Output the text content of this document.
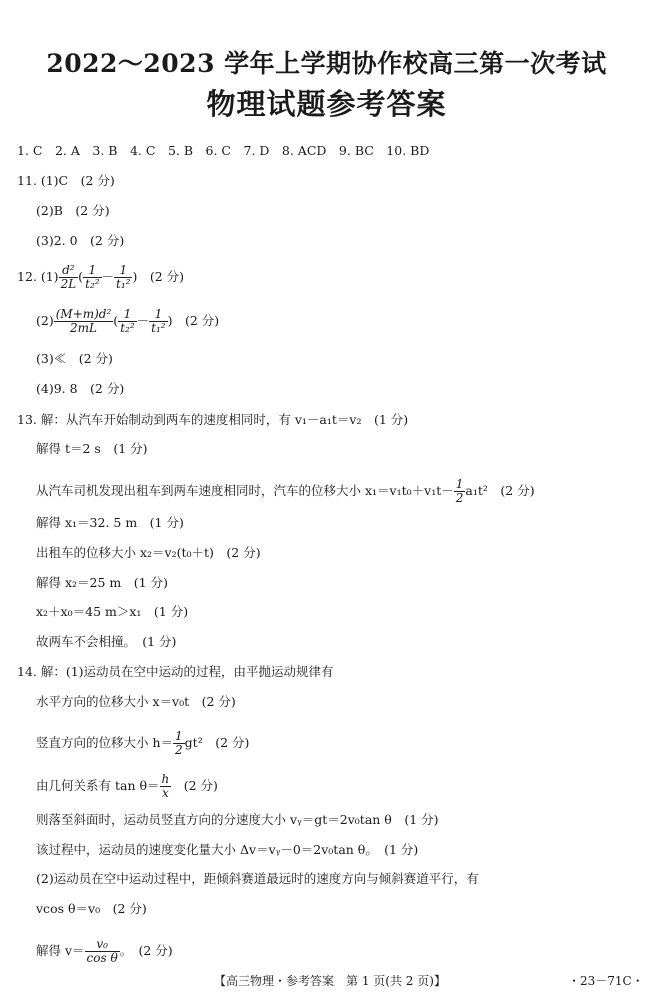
2022～2023 学年上学期协作校高三第一次考试
物理试题参考答案
1. C　2. A　3. B　4. C　5. B　6. C　7. D　8. ACD　9. BC　10. BD
11. (1)C　(2 分)
(2)B　(2 分)
(3)2. 0　(2 分)
12. $(1) \frac{\text{d²}}{2L}$ ( $\frac{1}{\text{t₂²}} - \frac{1}{\text{t₁²}}$ )　(2 分)
$(2) \frac{\text{(M+m)d²}}{2mL}$ ( $\frac{1}{\text{t₂²}} - \frac{1}{\text{t₁²}}$ )　(2 分)
(3)≪　(2 分)
(4)9. 8　(2 分)
13. 解：从汽车开始制动到两车的速度相同时，有 v₁－a₁t＝v₂　(1 分)
解得 t＝2 s　(1 分)
从汽车司机发现出租车到两车速度相同时，汽车的位移大小 $x_1=v_1t_0+v_1t- \frac{1}{2} a_1t^2$　(2 分)
解得 x₁＝32. 5 m　(1 分)
出租车的位移大小 x₂＝v₂(t₀＋t)　(2 分)
解得 x₂＝25 m　(1 分)
x₂＋x₀＝45 m＞x₁　(1 分)
故两车不会相撞。　(1 分)
14. 解：(1)运动员在空中运动的过程，由平抛运动规律有
水平方向的位移大小 x＝v₀t　(2 分)
竖直方向的位移大小 $h= \frac{1}{2} gt^2$　(2 分)
由几何关系有 $\tan \theta= \frac{h}{x}$
　 (2 分)
则落至斜面时，运动员竖直方向的分速度大小 vᵧ＝gt＝2v₀tan θ　(1 分)
该过程中，运动员的速度变化量大小 Δv＝vᵧ－0＝2v₀tan θ。　(1 分)
(2)运动员在空中运动过程中，距倾斜赛道最远时的速度方向与倾斜赛道平行，有
vcos θ＝v₀　(2 分)
解得 $v= \frac{\text{v₀}}{\text{cos θ}}$ 。　(2 分)
【高三物理・参考答案　第 1 页(共 2 页)】	・23－71C・
